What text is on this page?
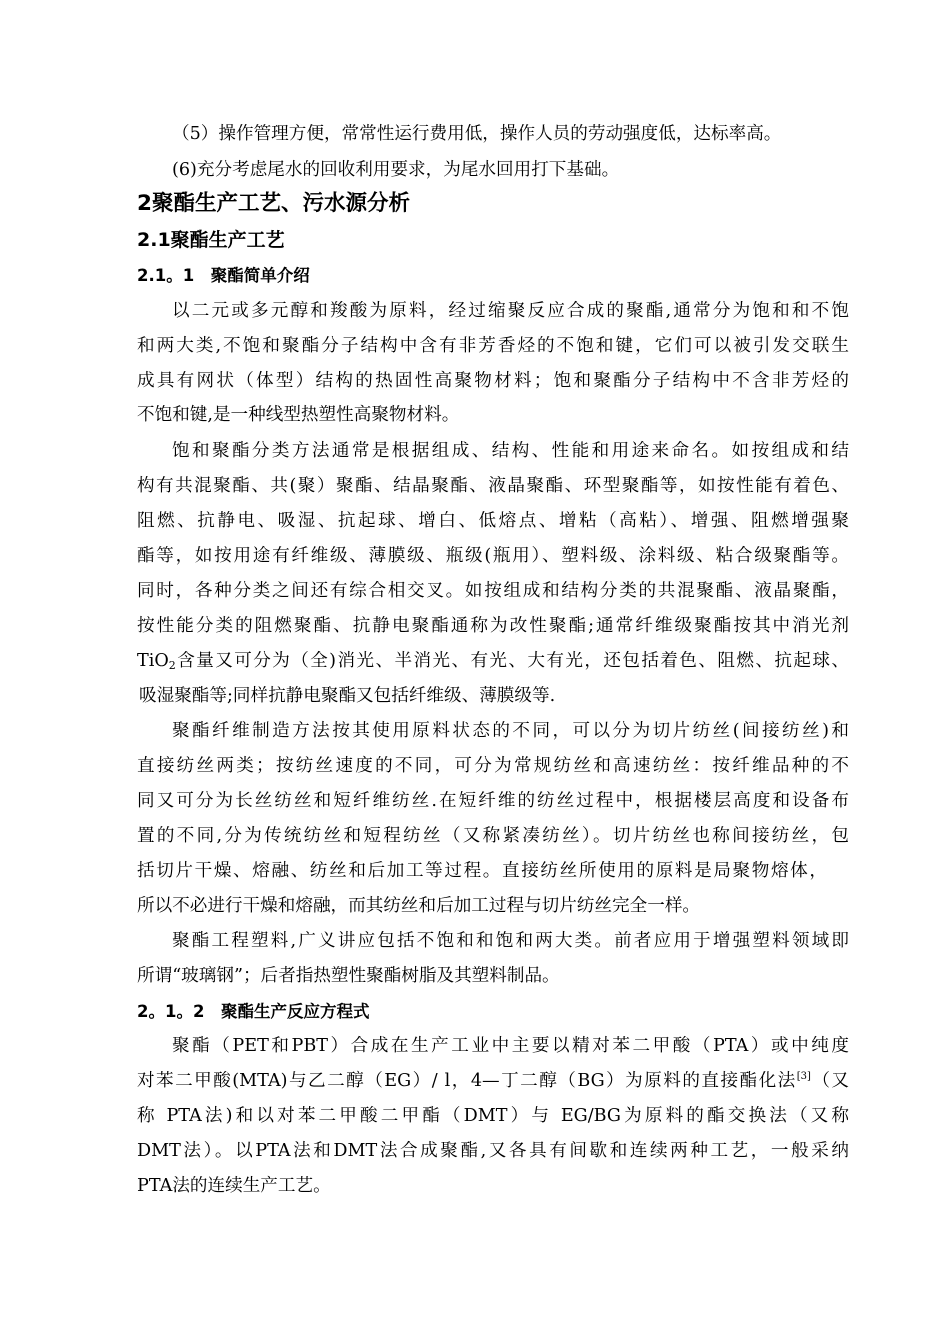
（5）操作管理方便，常常性运行费用低，操作人员的劳动强度低，达标率高。

(6)充分考虑尾水的回收利用要求，为尾水回用打下基础。

2聚酯生产工艺、污水源分析
2.1聚酯生产工艺
2.1。1　聚酯简单介绍

以二元或多元醇和羧酸为原料，经过缩聚反应合成的聚酯,通常分为饱和和不饱

和两大类,不饱和聚酯分子结构中含有非芳香烃的不饱和键，它们可以被引发交联生

成具有网状（体型）结构的热固性高聚物材料；饱和聚酯分子结构中不含非芳烃的

不饱和键,是一种线型热塑性高聚物材料。

饱和聚酯分类方法通常是根据组成、结构、性能和用途来命名。如按组成和结

构有共混聚酯、共(聚）聚酯、结晶聚酯、液晶聚酯、环型聚酯等，如按性能有着色、

阻燃、抗静电、吸湿、抗起球、增白、低熔点、增粘（高粘）、增强、阻燃增强聚

酯等，如按用途有纤维级、薄膜级、瓶级(瓶用）、塑料级、涂料级、粘合级聚酯等。

同时，各种分类之间还有综合相交叉。如按组成和结构分类的共混聚酯、液晶聚酯，

按性能分类的阻燃聚酯、抗静电聚酯通称为改性聚酯;通常纤维级聚酯按其中消光剂

TiO$_2$含量又可分为（全)消光、半消光、有光、大有光，还包括着色、阻燃、抗起球、

吸湿聚酯等;同样抗静电聚酯又包括纤维级、薄膜级等.

聚酯纤维制造方法按其使用原料状态的不同，可以分为切片纺丝(间接纺丝)和

直接纺丝两类；按纺丝速度的不同，可分为常规纺丝和高速纺丝：按纤维品种的不

同又可分为长丝纺丝和短纤维纺丝.在短纤维的纺丝过程中，根据楼层高度和设备布

置的不同,分为传统纺丝和短程纺丝（又称紧凑纺丝）。切片纺丝也称间接纺丝，包

括切片干燥、熔融、纺丝和后加工等过程。直接纺丝所使用的原料是局聚物熔体，

所以不必进行干燥和熔融，而其纺丝和后加工过程与切片纺丝完全一样。

聚酯工程塑料,广义讲应包括不饱和和饱和两大类。前者应用于增强塑料领域即

所谓“玻璃钢”；后者指热塑性聚酯树脂及其塑料制品。

2。1。2　聚酯生产反应方程式

聚酯（PET和PBT）合成在生产工业中主要以精对苯二甲酸（PTA）或中纯度

对苯二甲酸(MTA)与乙二醇（EG）/ l，4—丁二醇（BG）为原料的直接酯化法[3]（又

称 PTA法)和以对苯二甲酸二甲酯（DMT）与 EG/BG为原料的酯交换法（又称

DMT法）。以PTA法和DMT法合成聚酯,又各具有间歇和连续两种工艺，一般采纳

PTA法的连续生产工艺。
